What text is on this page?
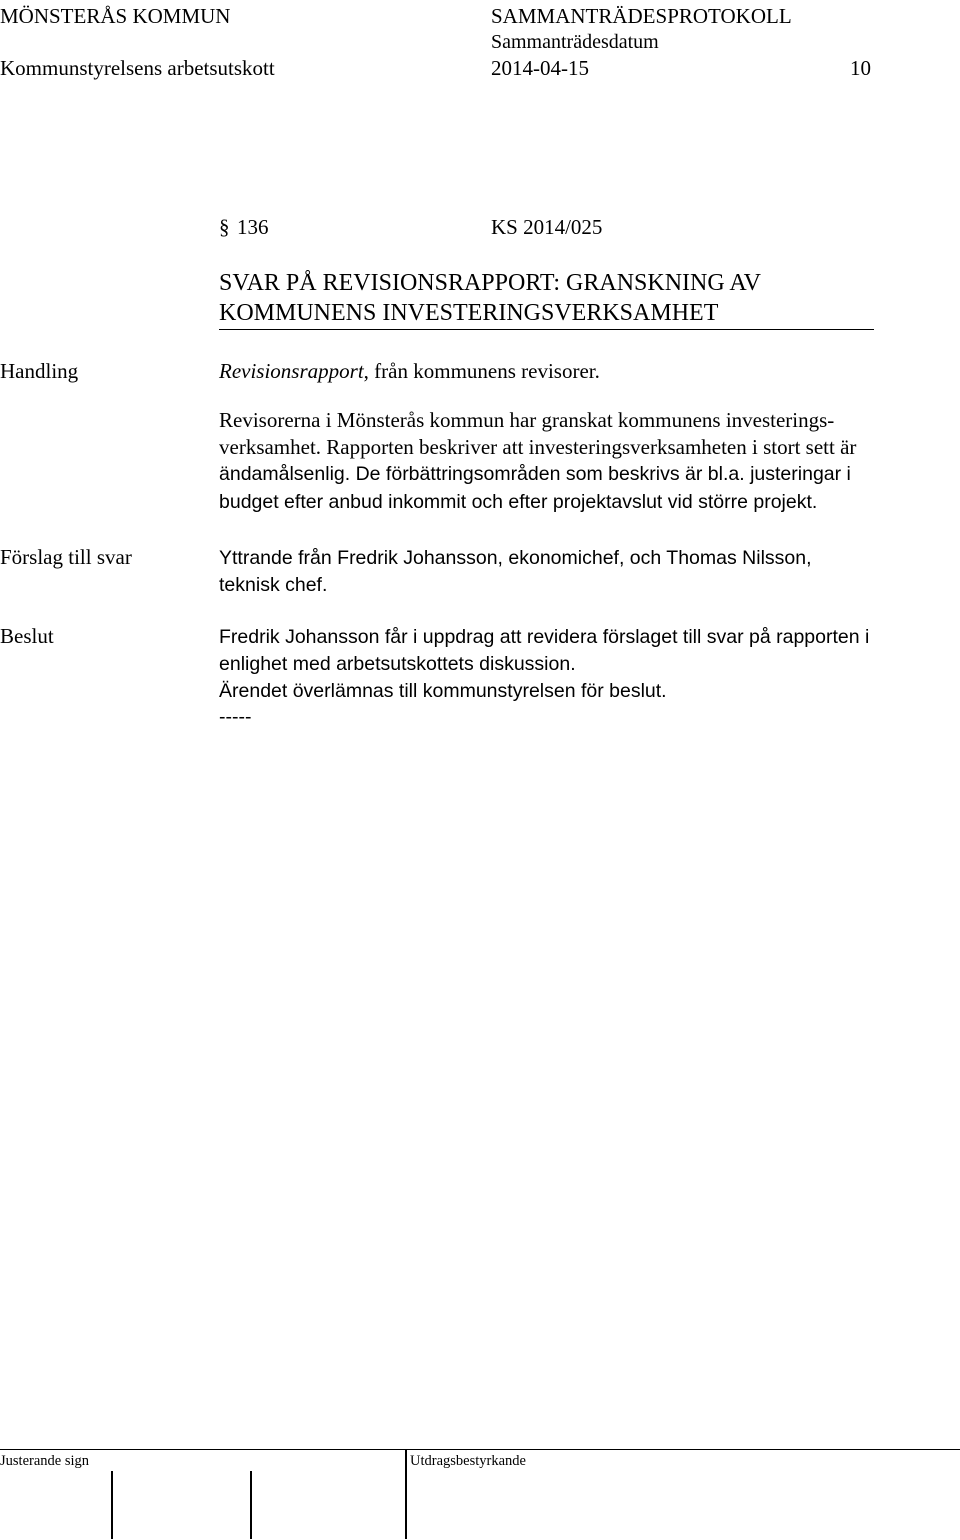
MÖNSTERÅS KOMMUN	SAMMANTRÄDESPROTOKOLL
Sammanträdesdatum
Kommunstyrelsens arbetsutskott	2014-04-15	10
§ 136	KS 2014/025
SVAR PÅ REVISIONSRAPPORT: GRANSKNING AV
KOMMUNENS INVESTERINGSVERKSAMHET
Handling	Revisionsrapport, från kommunens revisorer.
Revisorerna i Mönsterås kommun har granskat kommunens investerings-
verksamhet. Rapporten beskriver att investeringsverksamheten i stort sett är
ändamålsenlig. De förbättringsområden som beskrivs är bl.a. justeringar i
budget efter anbud inkommit och efter projektavslut vid större projekt.
Förslag till svar	Yttrande från Fredrik Johansson, ekonomichef, och Thomas Nilsson,
teknisk chef.
Beslut	Fredrik Johansson får i uppdrag att revidera förslaget till svar på rapporten i
enlighet med arbetsutskottets diskussion.
Ärendet överlämnas till kommunstyrelsen för beslut.
-----
Justerande sign	Utdragsbestyrkande
